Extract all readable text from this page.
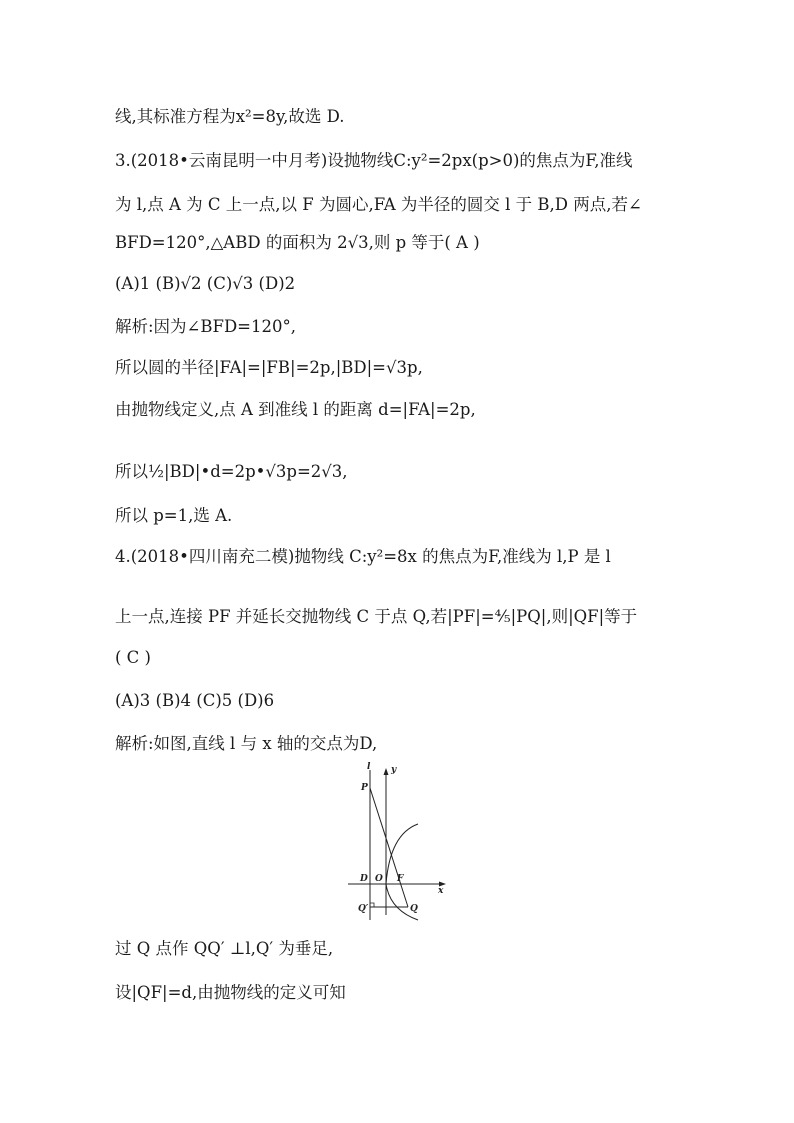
线,其标准方程为x²=8y,故选 D.
3.(2018•云南昆明一中月考)设抛物线C:y²=2px(p>0)的焦点为F,准线
为 l,点 A 为 C 上一点,以 F 为圆心,FA 为半径的圆交 l 于 B,D 两点,若∠
BFD=120°,△ABD 的面积为 2√3,则 p 等于( A )
(A)1 (B)√2 (C)√3 (D)2
解析:因为∠BFD=120°,
所以圆的半径|FA|=|FB|=2p,|BD|=√3p,
由抛物线定义,点 A 到准线 l 的距离 d=|FA|=2p,
所以½|BD|•d=2p•√3p=2√3,
所以 p=1,选 A.
4.(2018•四川南充二模)抛物线 C:y²=8x 的焦点为F,准线为 l,P 是 l
上一点,连接 PF 并延长交抛物线 C 于点 Q,若|PF|=⅘|PQ|,则|QF|等于
( C )
(A)3 (B)4 (C)5 (D)6
解析:如图,直线 l 与 x 轴的交点为D,
l y
P
D O F
x
Q′	Q
过 Q 点作 QQ′ ⊥l,Q′ 为垂足,
设|QF|=d,由抛物线的定义可知
